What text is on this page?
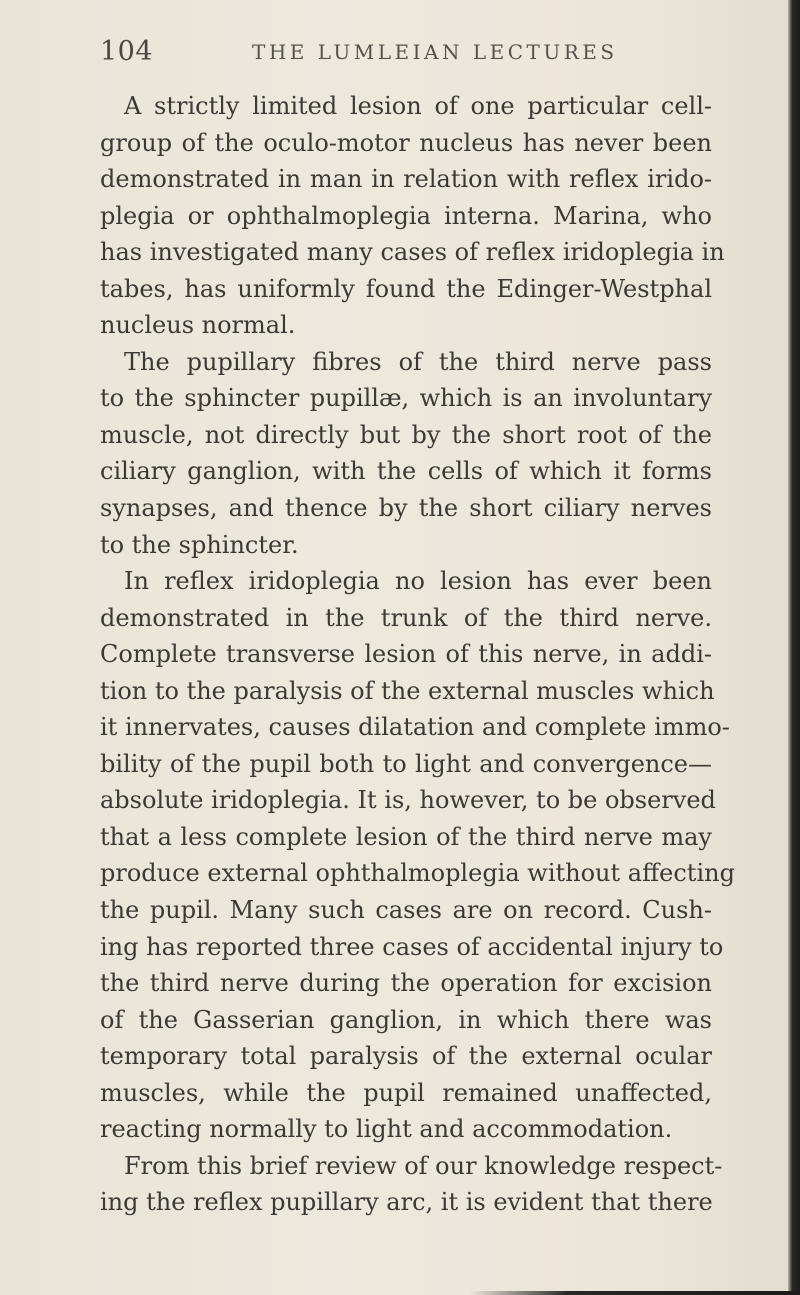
104	THE LUMLEIAN LECTURES
A strictly limited lesion of one particular cell-
group of the oculo-motor nucleus has never been
demonstrated in man in relation with reflex irido-
plegia or ophthalmoplegia interna. Marina, who
has investigated many cases of reflex iridoplegia in
tabes, has uniformly found the Edinger-Westphal
nucleus normal.
The pupillary fibres of the third nerve pass
to the sphincter pupillæ, which is an involuntary
muscle, not directly but by the short root of the
ciliary ganglion, with the cells of which it forms
synapses, and thence by the short ciliary nerves
to the sphincter.
In reflex iridoplegia no lesion has ever been
demonstrated in the trunk of the third nerve.
Complete transverse lesion of this nerve, in addi-
tion to the paralysis of the external muscles which
it innervates, causes dilatation and complete immo-
bility of the pupil both to light and convergence—
absolute iridoplegia. It is, however, to be observed
that a less complete lesion of the third nerve may
produce external ophthalmoplegia without affecting
the pupil. Many such cases are on record. Cush-
ing has reported three cases of accidental injury to
the third nerve during the operation for excision
of the Gasserian ganglion, in which there was
temporary total paralysis of the external ocular
muscles, while the pupil remained unaffected,
reacting normally to light and accommodation.
From this brief review of our knowledge respect-
ing the reflex pupillary arc, it is evident that there
